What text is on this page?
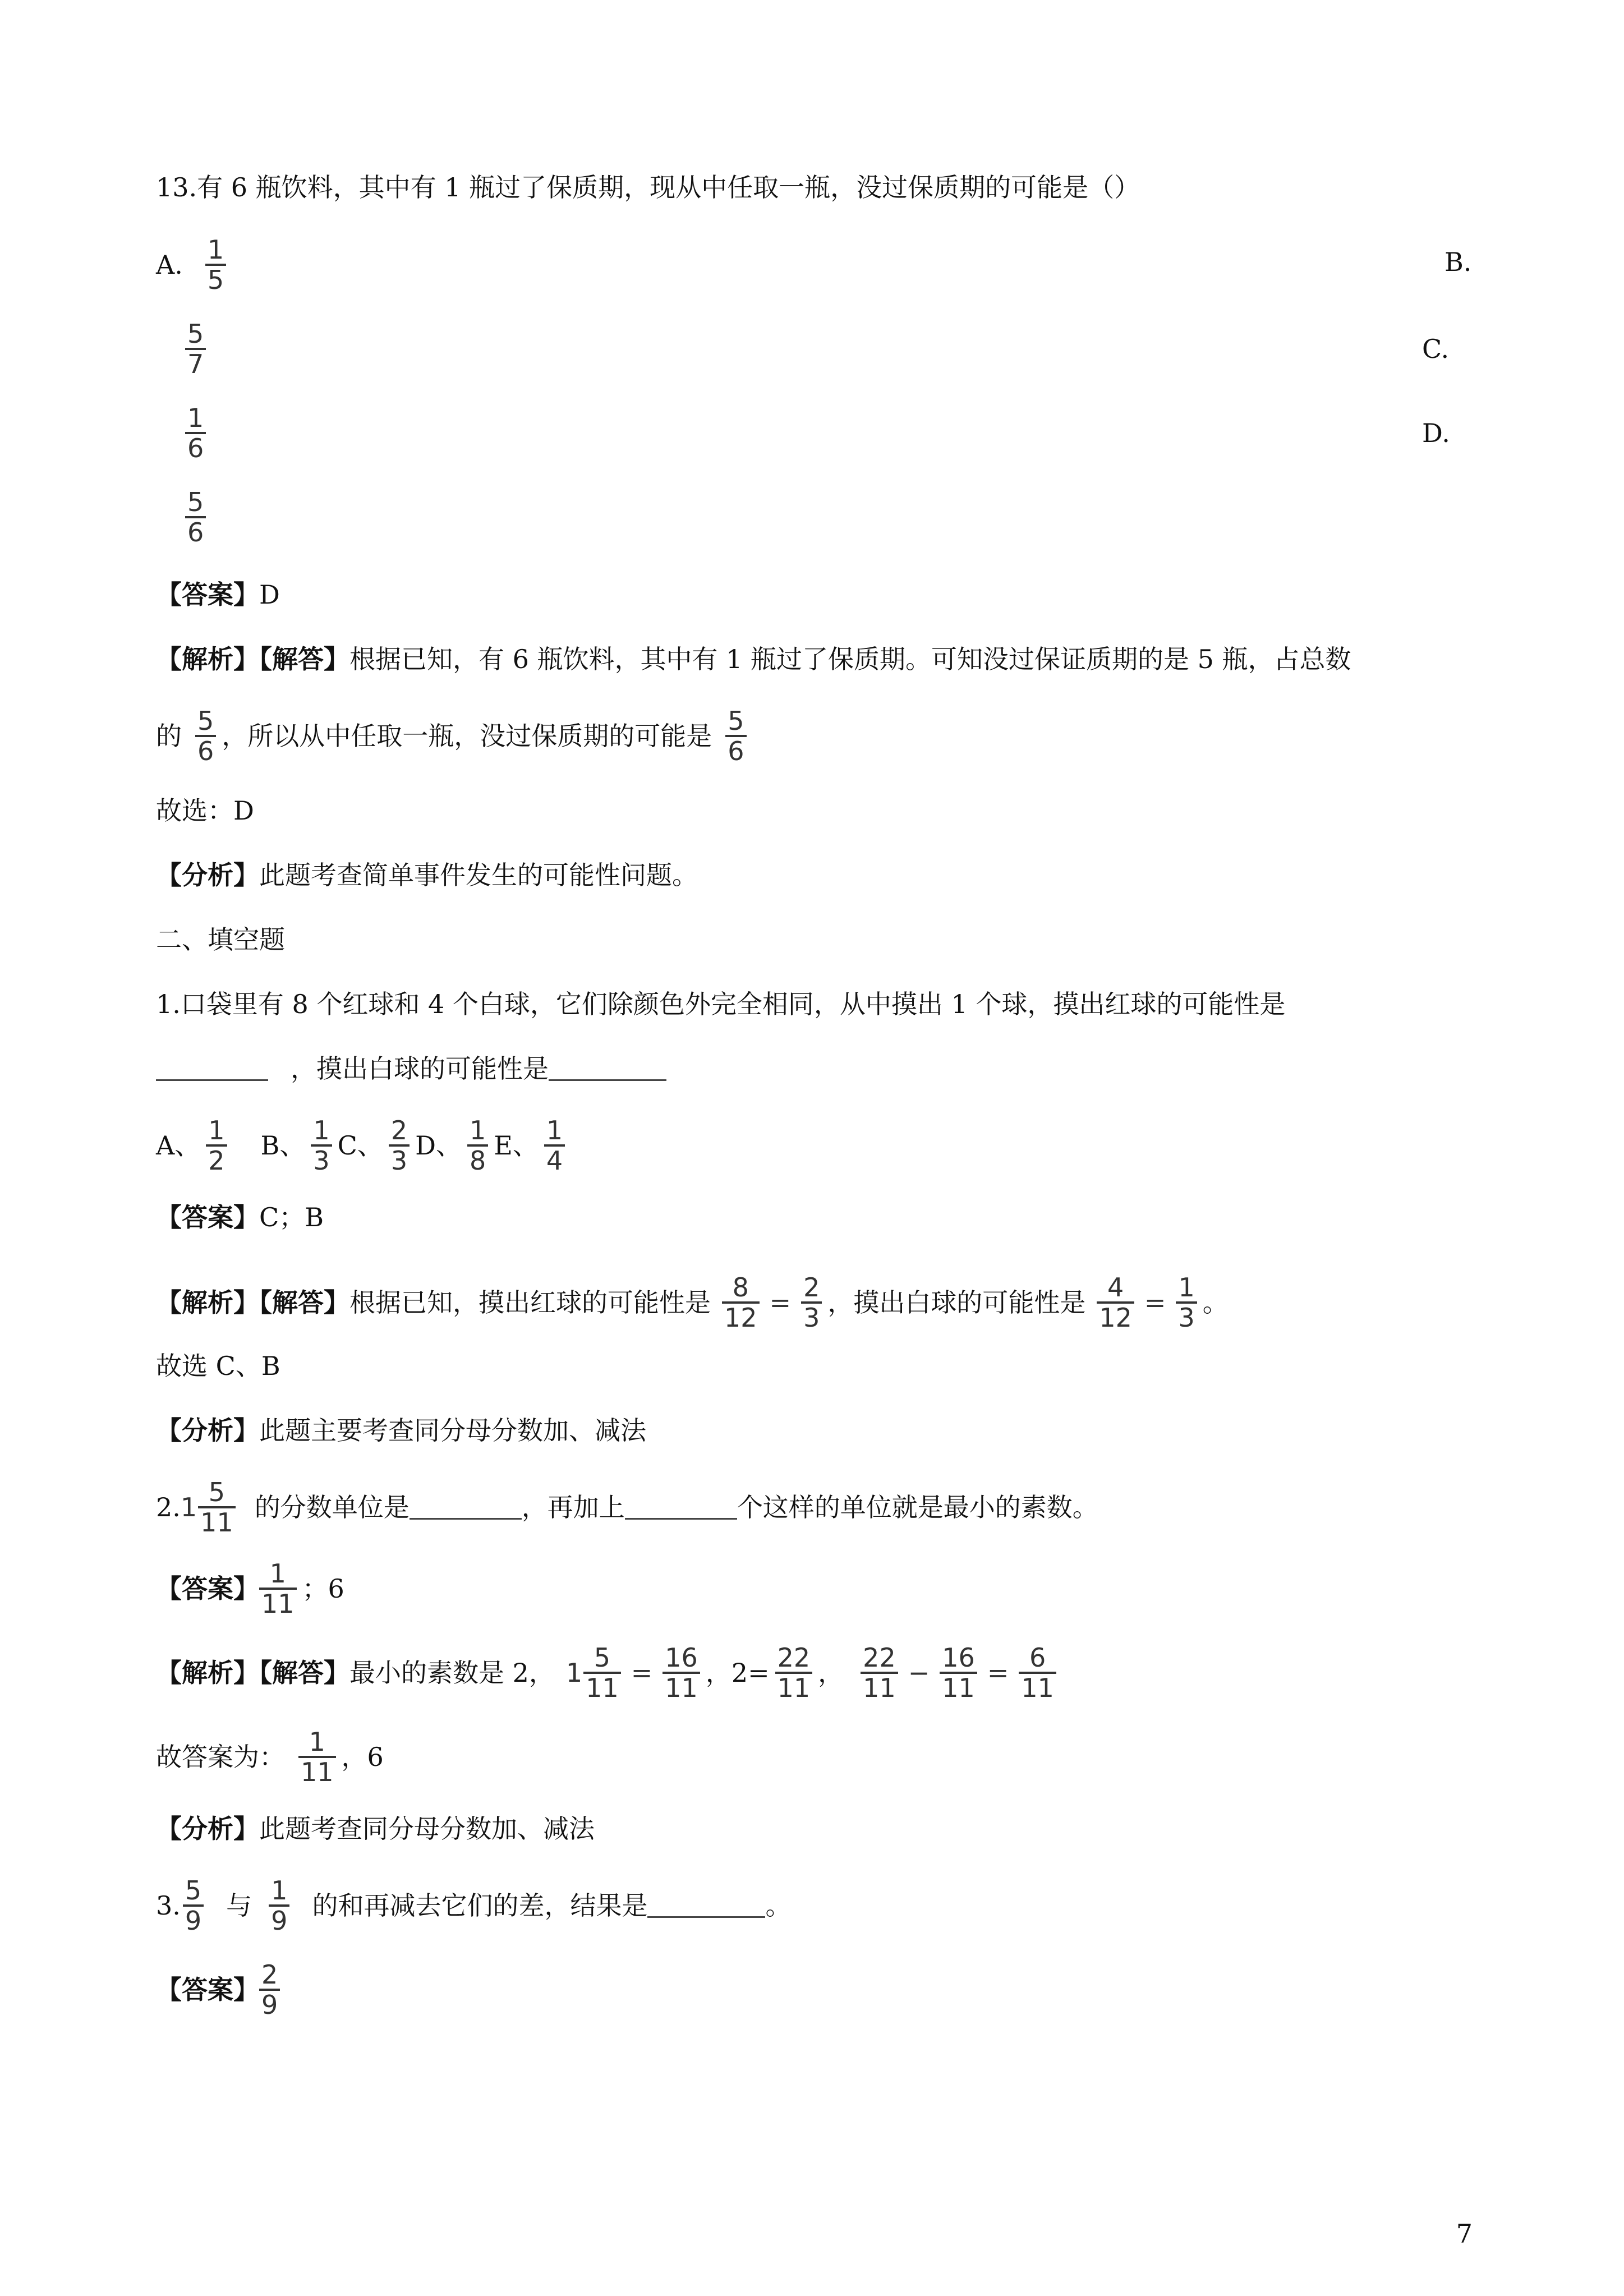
13.有 6 瓶饮料，其中有 1 瓶过了保质期，现从中任取一瓶，没过保质期的可能是（）
A. $\frac{1}{5}$	B.
$\frac{5}{7}$	C.
$\frac{1}{6}$	D.
$\frac{5}{6}$
【答案】 D
【解析】【解答】 根据已知，有 6 瓶饮料，其中有 1 瓶过了保质期。可知没过保证质期的是 5 瓶，占总数
的 $\frac{5}{6}$ ，所以从中任取一瓶，没过保质期的可能是 $\frac{5}{6}$
故选：D
【分析】 此题考查简单事件发生的可能性问题。
二、填空题
1.口袋里有 8 个红球和 4 个白球，它们除颜色外完全相同，从中摸出 1 个球，摸出红球的可能性是
，摸出白球的可能性是
A、 $\frac{1}{2}$ B、 $\frac{1}{3}$ C、 $\frac{2}{3}$ D、 $\frac{1}{8}$ E、 $\frac{1}{4}$
【答案】 C；B
【解析】【解答】 根据已知，摸出红球的可能性是 $\frac{8}{12} = \frac{2}{3}$ ，摸出白球的可能性是 $\frac{4}{12} = \frac{1}{3}$ 。
故选 C、B
【分析】 此题主要考查同分母分数加、减法
2. $1 \frac{5}{11}$ 的分数单位是	，再加上	个这样的单位就是最小的素数。
【答案】 $\frac{1}{11}$ ；6
【解析】【解答】 最小的素数是 2， $1 \frac{5}{11} = \frac{16}{11}$ ，$2= \frac{22}{11}$ ， $\frac{22}{11} - \frac{16}{11} = \frac{6}{11}$
故答案为： $\frac{1}{11}$ ，6
【分析】 此题考查同分母分数加、减法
3. $\frac{5}{9}$ 与 $\frac{1}{9}$ 的和再减去它们的差，结果是	。
【答案】 $\frac{2}{9}$
7
